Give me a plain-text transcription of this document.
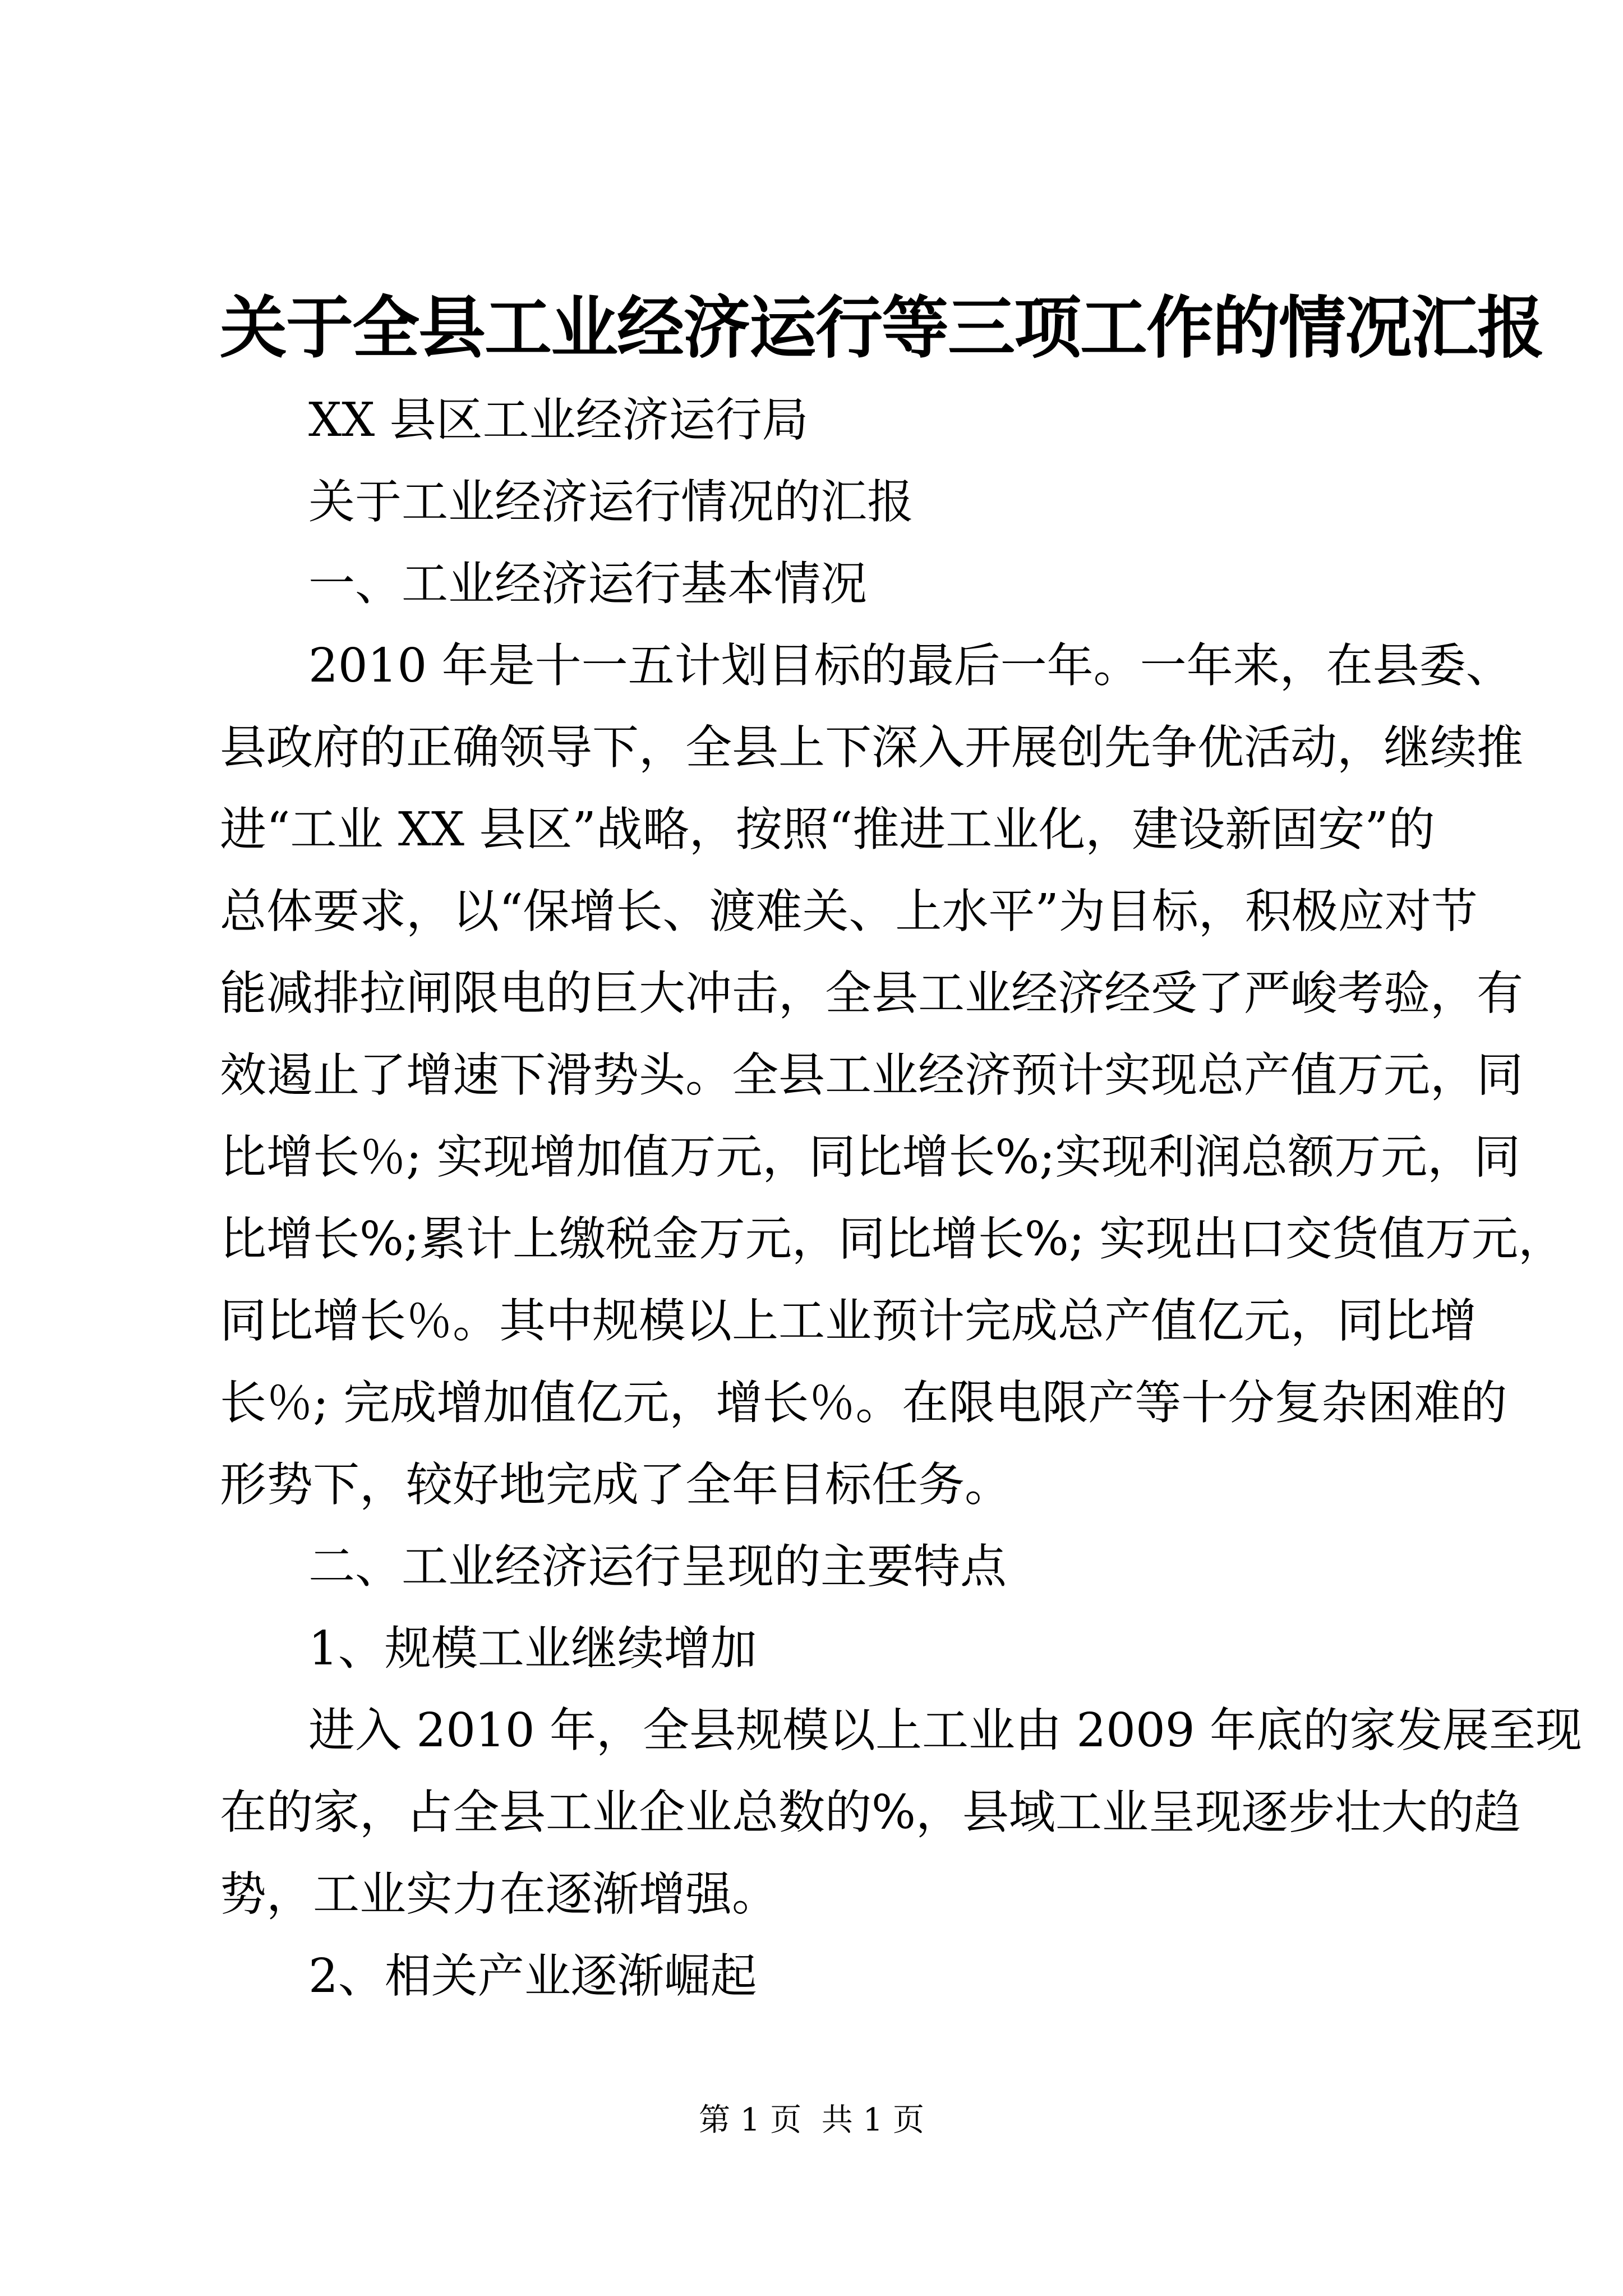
关于全县工业经济运行等三项工作的情况汇报
XX 县区工业经济运行局
关于工业经济运行情况的汇报
一、工业经济运行基本情况
2010 年是十一五计划目标的最后一年。一年来，在县委、
县政府的正确领导下，全县上下深入开展创先争优活动，继续推
进“工业 XX 县区”战略，按照“推进工业化，建设新固安”的
总体要求，以“保增长、渡难关、上水平”为目标，积极应对节
能减排拉闸限电的巨大冲击，全县工业经济经受了严峻考验，有
效遏止了增速下滑势头。全县工业经济预计实现总产值万元，同
比增长％; 实现增加值万元，同比增长%;实现利润总额万元，同
比增长%;累计上缴税金万元，同比增长%; 实现出口交货值万元，
同比增长％。其中规模以上工业预计完成总产值亿元，同比增
长％; 完成增加值亿元，增长％。在限电限产等十分复杂困难的
形势下，较好地完成了全年目标任务。
二、工业经济运行呈现的主要特点
1、规模工业继续增加
进入 2010 年，全县规模以上工业由 2009 年底的家发展至现
在的家，占全县工业企业总数的%，县域工业呈现逐步壮大的趋
势，工业实力在逐渐增强。
2、相关产业逐渐崛起
第 1 页  共 1 页
